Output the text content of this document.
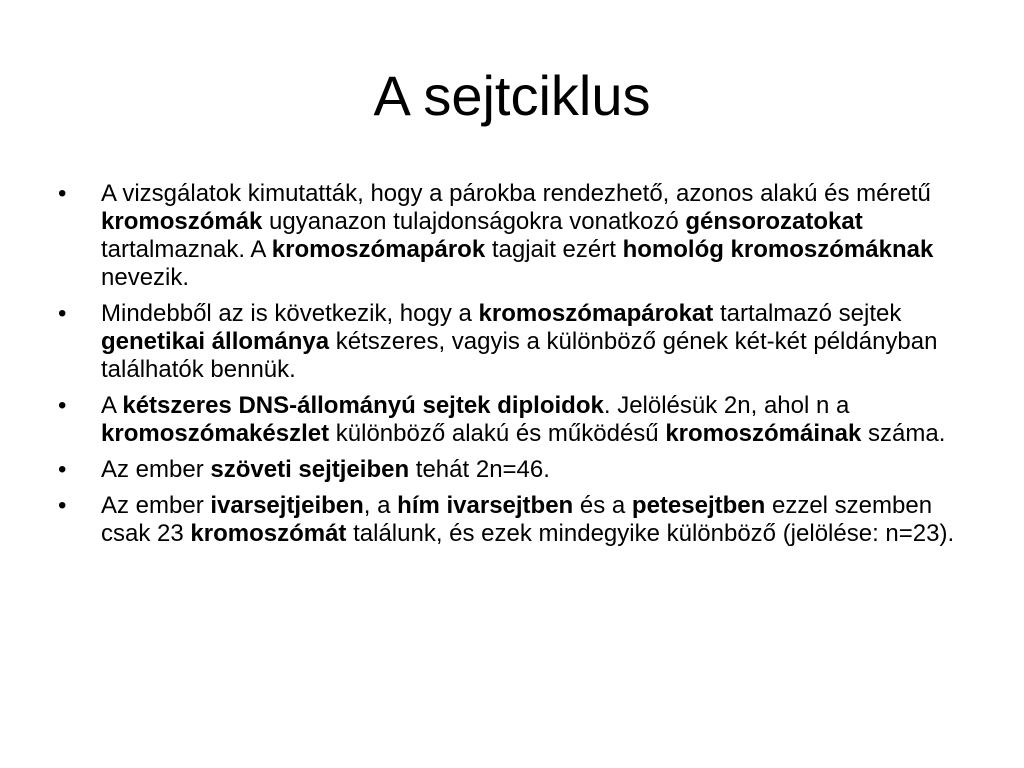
A sejtciklus
•	A vizsgálatok kimutatták, hogy a párokba rendezhető, azonos alakú és méretű kromoszómák ugyanazon tulajdonságokra vonatkozó génsorozatokat tartalmaznak. A kromoszómapárok tagjait ezért homológ kromoszómáknak nevezik.
•	Mindebből az is következik, hogy a kromoszómapárokat tartalmazó sejtek genetikai állománya kétszeres, vagyis a különböző gének két-két példányban találhatók bennük.
•	A kétszeres DNS-állományú sejtek diploidok. Jelölésük 2n, ahol n a kromoszómakészlet különböző alakú és működésű kromoszómáinak száma.
•	Az ember szöveti sejtjeiben tehát 2n=46.
•	Az ember ivarsejtjeiben, a hím ivarsejtben és a petesejtben ezzel szemben csak 23 kromoszómát találunk, és ezek mindegyike különböző (jelölése: n=23).
